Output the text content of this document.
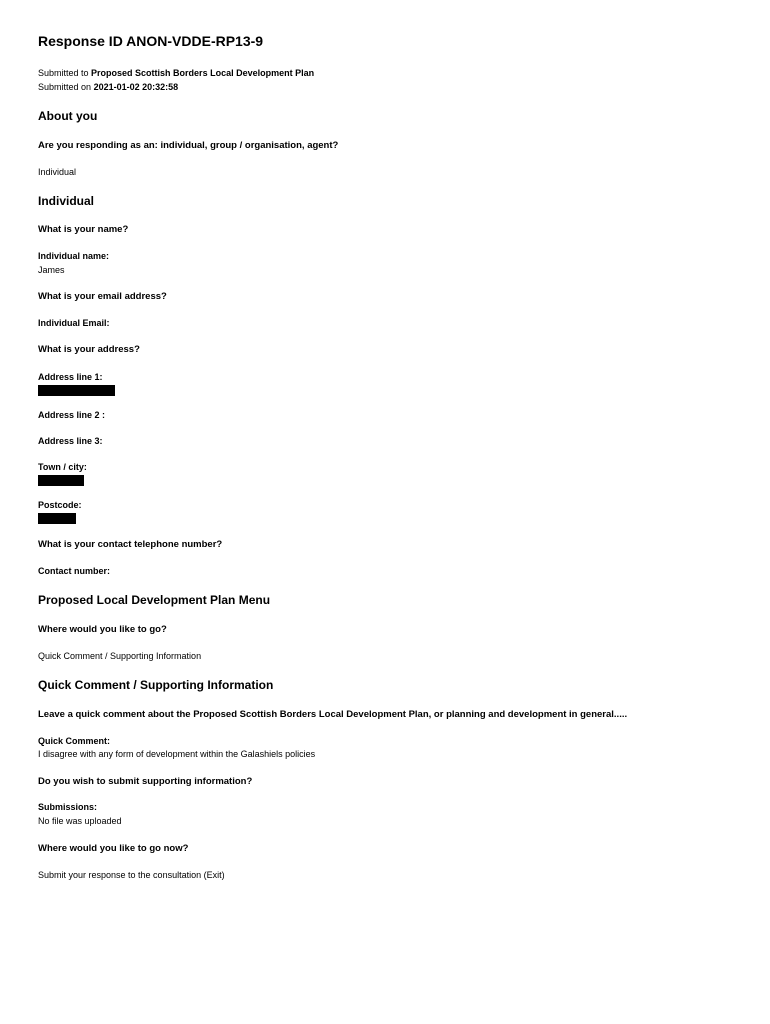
Response ID ANON-VDDE-RP13-9
Submitted to Proposed Scottish Borders Local Development Plan
Submitted on 2021-01-02 20:32:58
About you
Are you responding as an: individual, group / organisation, agent?
Individual
Individual
What is your name?
Individual name:
James
What is your email address?
Individual Email:
What is your address?
Address line 1:
Address line 2 :
Address line 3:
Town / city:
Postcode:
What is your contact telephone number?
Contact number:
Proposed Local Development Plan Menu
Where would you like to go?
Quick Comment / Supporting Information
Quick Comment / Supporting Information
Leave a quick comment about the Proposed Scottish Borders Local Development Plan, or planning and development in general.....
Quick Comment:
I disagree with any form of development within the Galashiels policies
Do you wish to submit supporting information?
Submissions:
No file was uploaded
Where would you like to go now?
Submit your response to the consultation (Exit)
